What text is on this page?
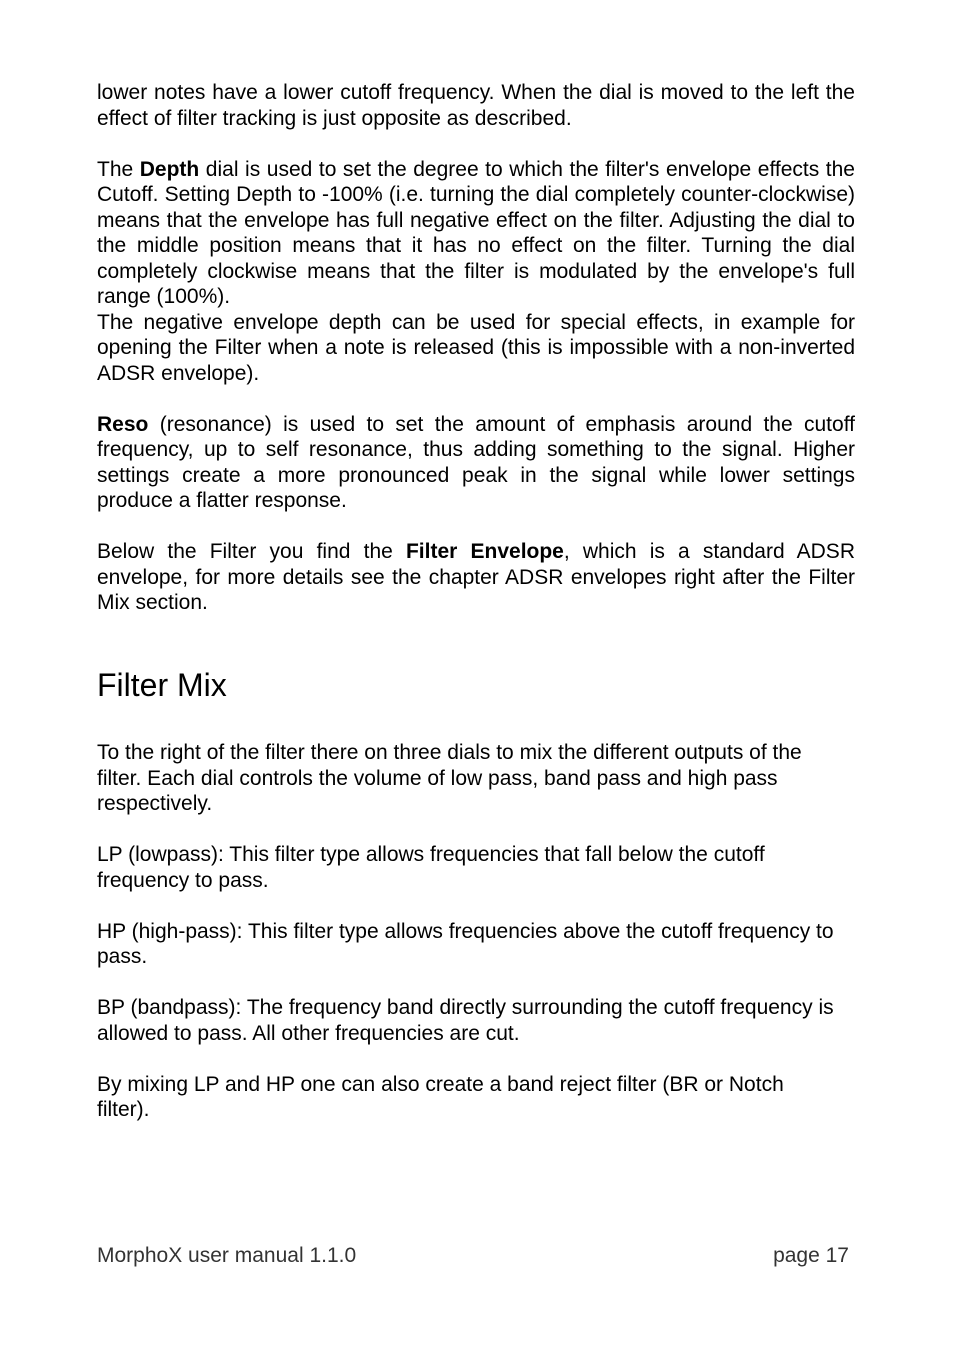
lower notes have a lower cutoff frequency. When the dial is moved to the left the effect of filter tracking is just opposite as described.

The Depth dial is used to set the degree to which the filter's envelope effects the Cutoff. Setting Depth to -100% (i.e. turning the dial completely counter-clockwise) means that the envelope has full negative effect on the filter. Adjusting the dial to the middle position means that it has no effect on the filter. Turning the dial completely clockwise means that the filter is modulated by the envelope's full range (100%).

The negative envelope depth can be used for special effects, in example for opening the Filter when a note is released (this is impossible with a non-inverted ADSR envelope).

Reso (resonance) is used to set the amount of emphasis around the cutoff frequency, up to self resonance, thus adding something to the signal. Higher settings create a more pronounced peak in the signal while lower settings produce a flatter response.

Below the Filter you find the Filter Envelope, which is a standard ADSR envelope, for more details see the chapter ADSR envelopes right after the Filter Mix section.

Filter Mix

To the right of the filter there on three dials to mix the different outputs of the filter. Each dial controls the volume of low pass, band pass and high pass respectively.

LP (lowpass): This filter type allows frequencies that fall below the cutoff frequency to pass.

HP (high-pass): This filter type allows frequencies above the cutoff frequency to pass.

BP (bandpass): The frequency band directly surrounding the cutoff frequency is allowed to pass. All other frequencies are cut.

By mixing LP and HP one can also create a band reject filter (BR or Notch filter).

MorphoX user manual 1.1.0	page 17
